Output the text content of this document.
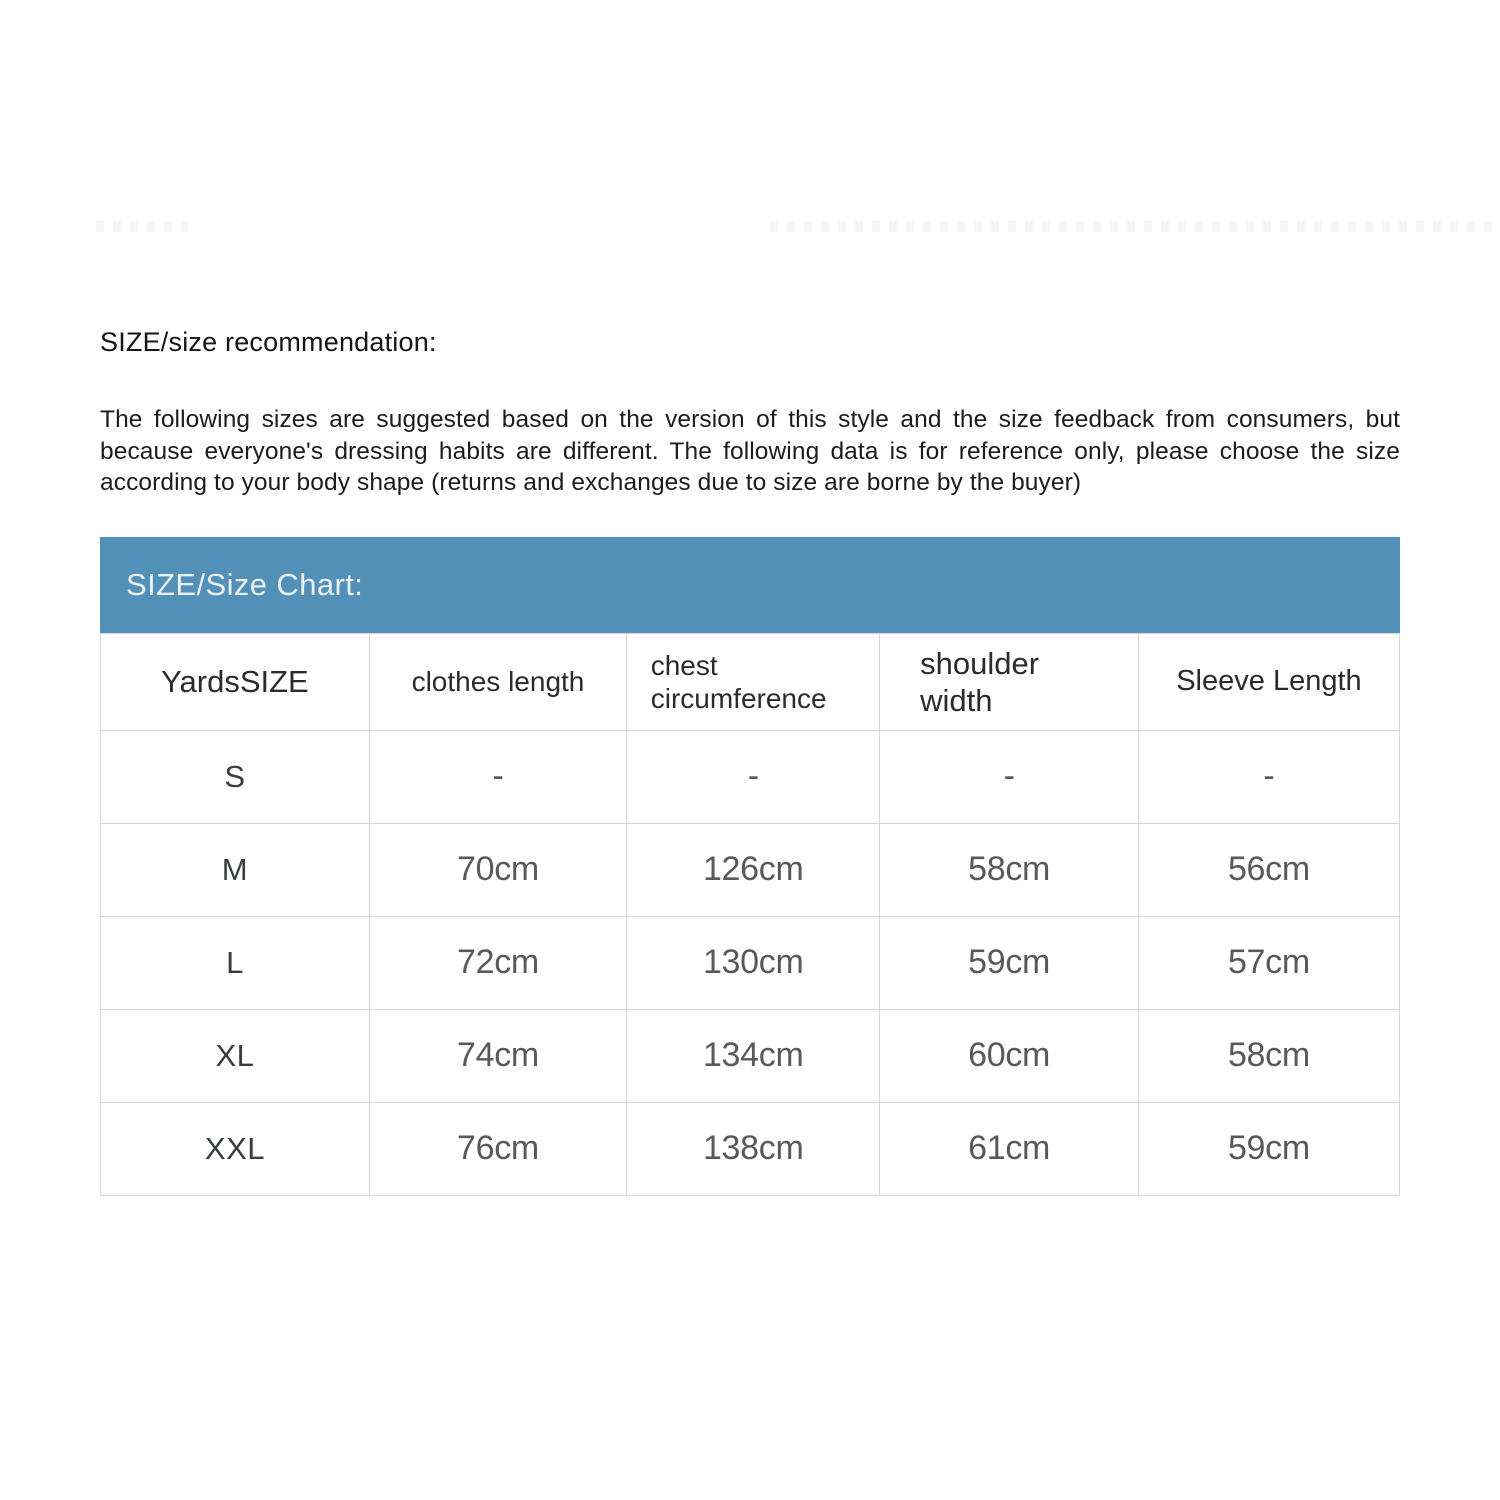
SIZE/size recommendation:

The following sizes are suggested based on the version of this style and the size feedback from consumers, but because everyone's dressing habits are different. The following data is for reference only, please choose the size according to your body shape (returns and exchanges due to size are borne by the buyer)

SIZE/Size Chart:
YardsSIZE	clothes length	chest circumference	shoulder width	Sleeve Length
S	-	-	-	-
M	70cm	126cm	58cm	56cm
L	72cm	130cm	59cm	57cm
XL	74cm	134cm	60cm	58cm
XXL	76cm	138cm	61cm	59cm
